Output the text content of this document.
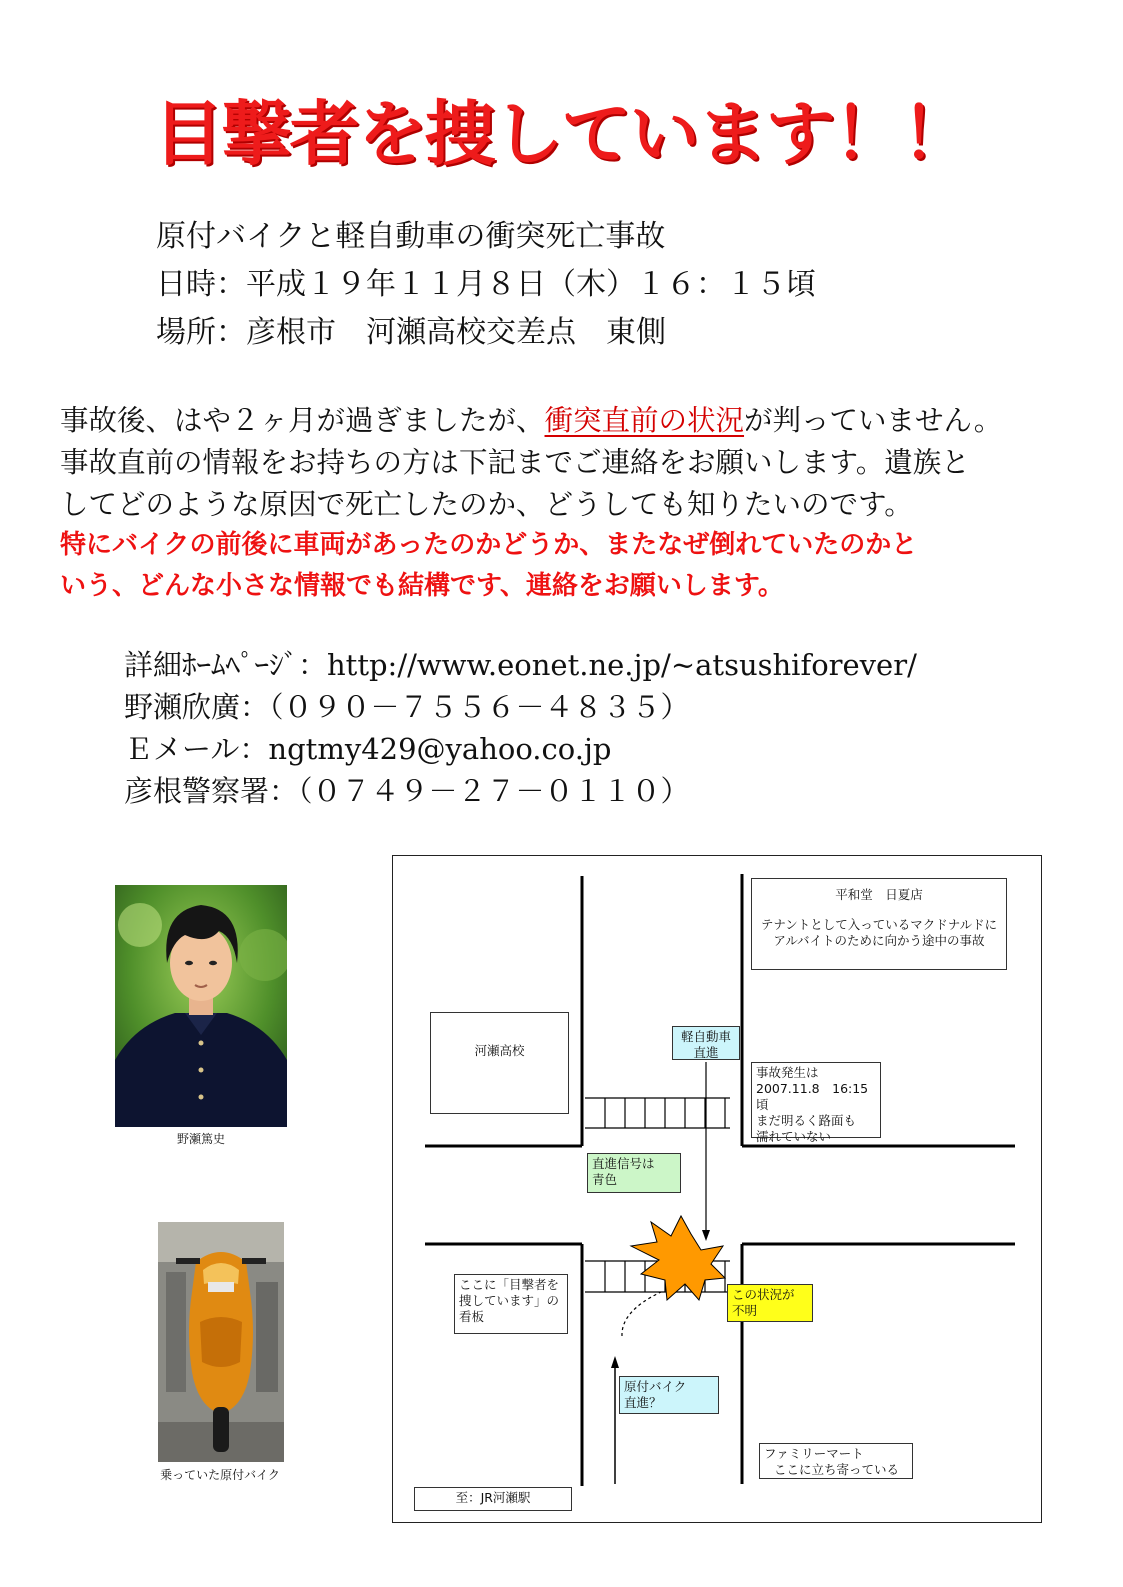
目撃者を捜しています！！
原付バイクと軽自動車の衝突死亡事故
日時：平成１９年１１月８日（木）１６：１５頃
場所：彦根市　河瀬高校交差点　東側
事故後、はや２ヶ月が過ぎましたが、衝突直前の状況が判っていません。
事故直前の情報をお持ちの方は下記までご連絡をお願いします。遺族と
してどのような原因で死亡したのか、どうしても知りたいのです。
特にバイクの前後に車両があったのかどうか、またなぜ倒れていたのかと
いう、どんな小さな情報でも結構です、連絡をお願いします。
詳細ﾎｰﾑﾍﾟｰｼﾞ：http://www.eonet.ne.jp/~atsushiforever/
野瀬欣廣：（０９０－７５５６－４８３５）
Ｅメール：ngtmy429@yahoo.co.jp
彦根警察署：（０７４９－２７－０１１０）
野瀬篤史
乗っていた原付バイク
平和堂　日夏店
テナントとして入っているマクドナルドに
アルバイトのために向かう途中の事故
河瀬高校
軽自動車
直進
事故発生は
2007.11.8　16:15頃
まだ明るく路面も
濡れていない
直進信号は
青色
ここに「目撃者を
捜しています」の
看板
この状況が
不明
原付バイク
直進？
ファミリーマート
ここに立ち寄っている
至：JR河瀬駅
